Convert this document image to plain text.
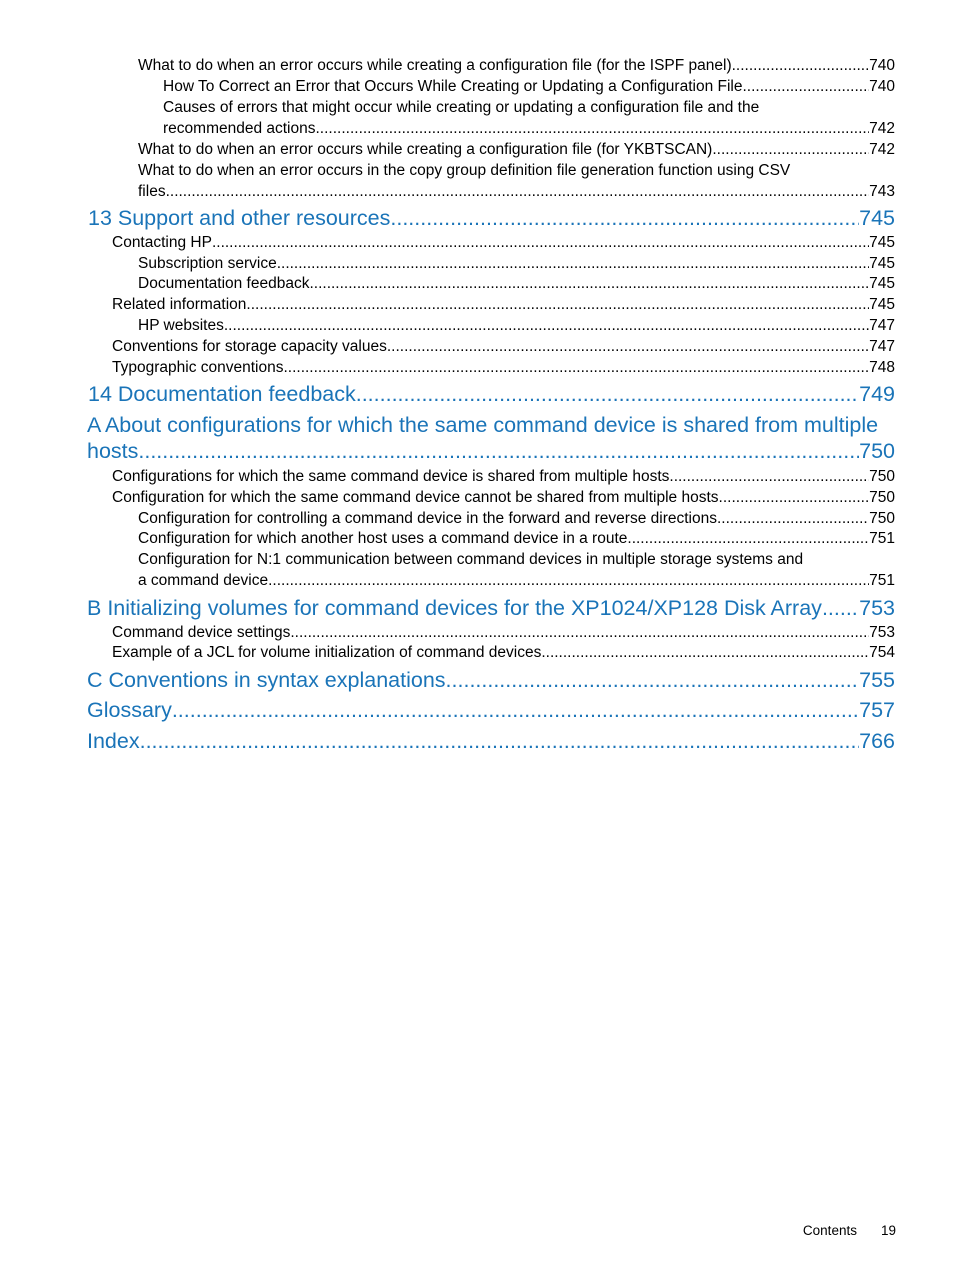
What to do when an error occurs while creating a configuration file (for the ISPF panel) .....	740
How To Correct an Error that Occurs While Creating or Updating a Configuration File .....	740
Causes of errors that might occur while creating or updating a configuration file and the
recommended actions .....	742
What to do when an error occurs while creating a configuration file (for YKBTSCAN) .....	742
What to do when an error occurs in the copy group definition file generation function using CSV
files .....	743
13 Support and other resources .....	745
Contacting HP .....	745
Subscription service .....	745
Documentation feedback .....	745
Related information .....	745
HP websites .....	747
Conventions for storage capacity values .....	747
Typographic conventions .....	748
14 Documentation feedback .....	749
A About configurations for which the same command device is shared from multiple
hosts .....	750
Configurations for which the same command device is shared from multiple hosts .....	750
Configuration for which the same command device cannot be shared from multiple hosts .....	750
Configuration for controlling a command device in the forward and reverse directions .....	750
Configuration for which another host uses a command device in a route .....	751
Configuration for N:1 communication between command devices in multiple storage systems and
a command device .....	751
B Initializing volumes for command devices for the XP1024/XP128 Disk Array ..... 753
Command device settings .....	753
Example of a JCL for volume initialization of command devices .....	754
C Conventions in syntax explanations .....	755
Glossary .....	757
Index .....	766
Contents 19
